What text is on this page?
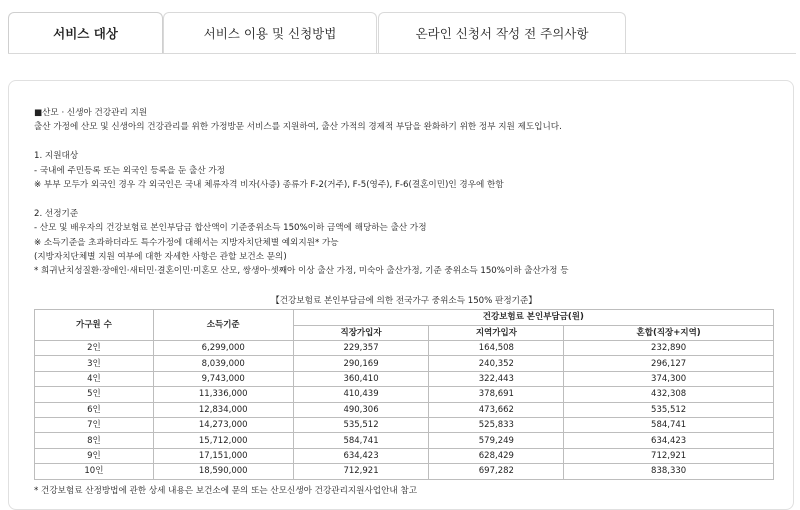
서비스 대상	서비스 이용 및 신청방법	온라인 신청서 작성 전 주의사항

■산모 · 신생아 건강관리 지원

출산 가정에 산모 및 신생아의 건강관리를 위한 가정방문 서비스를 지원하여, 출산 가적의 경제적 부담을 완화하기 위한 정부 지원 제도입니다.

1. 지원대상

- 국내에 주민등록 또는 외국인 등록을 둔 출산 가정

※ 부부 모두가 외국인 경우 각 외국인은 국내 체류자격 비자(사증) 종류가 F-2(거주), F-5(영주), F-6(결혼이민)인 경우에 한함

2. 선정기준

- 산모 및 배우자의 건강보험료 본인부담금 합산액이 기준중위소득 150%이하 금액에 해당하는 출산 가정

※ 소득기준을 초과하더라도 특수가정에 대해서는 지방자치단체별 예외지원* 가능

(지방자치단체별 지원 여부에 대한 자세한 사항은 관할 보건소 문의)

* 희귀난치성질환·장애인·새터민·결혼이민·미혼모 산모, 쌍생아·셋째아 이상 출산 가정, 미숙아 출산가정, 기준 중위소득 150%이하 출산가정 등

【건강보험료 본인부담금에 의한 전국가구 중위소득 150% 판정기준】
가구원 수	소득기준	건강보험료 본인부담금(원)		
		직장가입자	지역가입자	혼합(직장+지역)
2인	6,299,000	229,357	164,508	232,890
3인	8,039,000	290,169	240,352	296,127
4인	9,743,000	360,410	322,443	374,300
5인	11,336,000	410,439	378,691	432,308
6인	12,834,000	490,306	473,662	535,512
7인	14,273,000	535,512	525,833	584,741
8인	15,712,000	584,741	579,249	634,423
9인	17,151,000	634,423	628,429	712,921
10인	18,590,000	712,921	697,282	838,330
* 건강보험료 산정방법에 관한 상세 내용은 보건소에 문의 또는 산모신생아 건강관리지원사업안내 참고
